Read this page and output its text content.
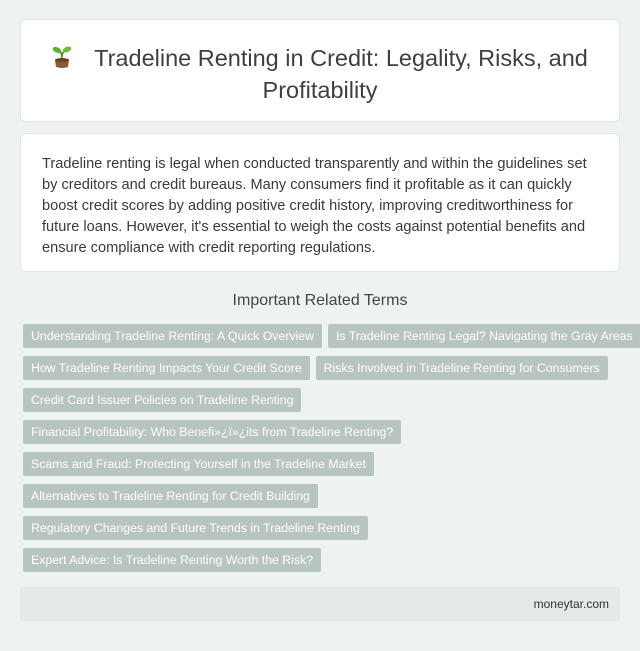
Tradeline Renting in Credit: Legality, Risks, and Profitability

Tradeline renting is legal when conducted transparently and within the guidelines set by creditors and credit bureaus. Many consumers find it profitable as it can quickly boost credit scores by adding positive credit history, improving creditworthiness for future loans. However, it's essential to weigh the costs against potential benefits and ensure compliance with credit reporting regulations.

Important Related Terms
Understanding Tradeline Renting: A Quick Overview	Is Tradeline Renting Legal? Navigating the Gray Areas
How Tradeline Renting Impacts Your Credit Score	Risks Involved in Tradeline Renting for Consumers
Credit Card Issuer Policies on Tradeline Renting
Financial Profitability: Who Benefi»¿ï»¿its from Tradeline Renting?
Scams and Fraud: Protecting Yourself in the Tradeline Market
Alternatives to Tradeline Renting for Credit Building
Regulatory Changes and Future Trends in Tradeline Renting
Expert Advice: Is Tradeline Renting Worth the Risk?
moneytar.com
